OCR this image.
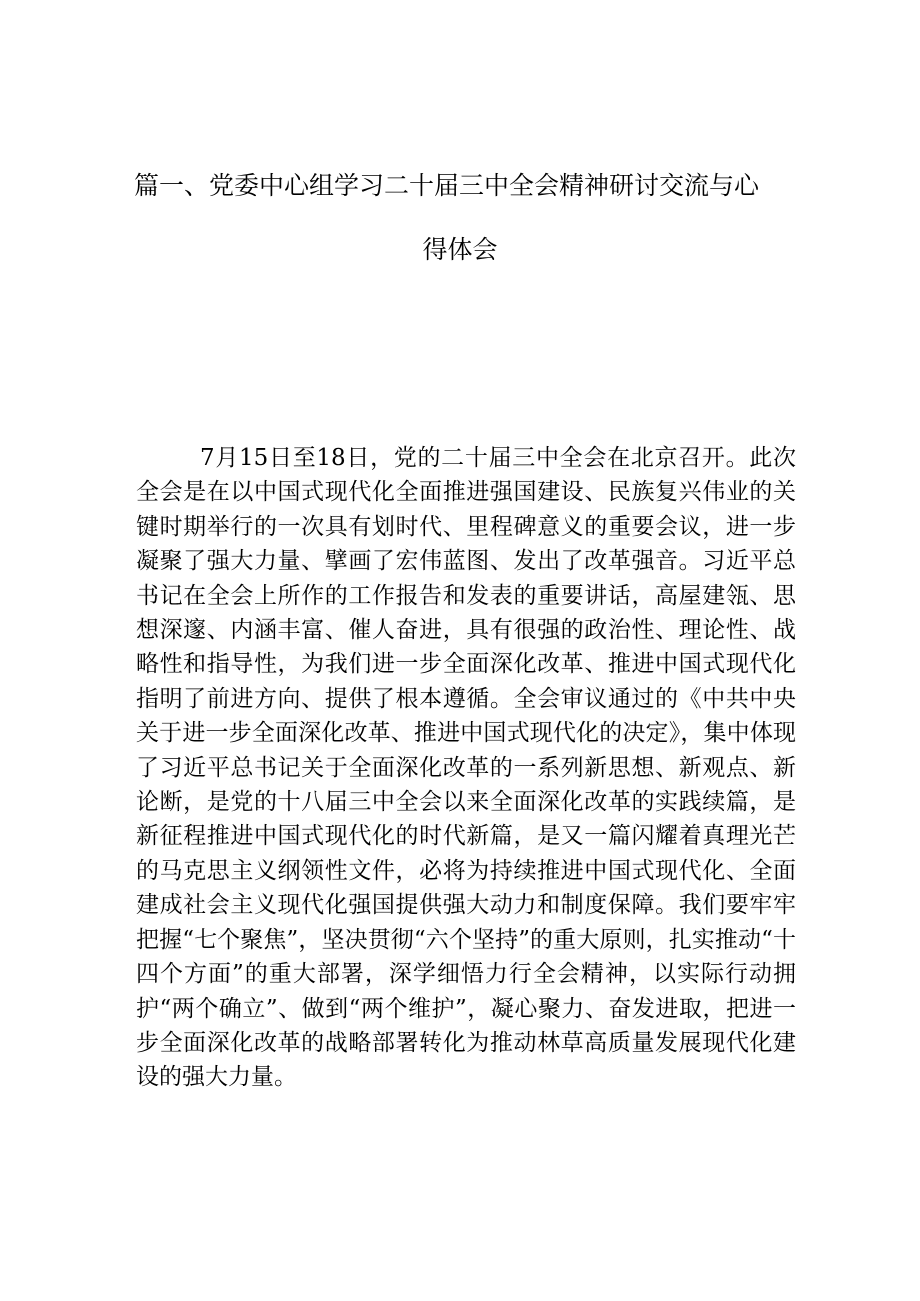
篇一、党委中心组学习二十届三中全会精神研讨交流与心
得体会

7月15日至18日，党的二十届三中全会在北京召开。此次全会是在以中国式现代化全面推进强国建设、民族复兴伟业的关键时期举行的一次具有划时代、里程碑意义的重要会议，进一步凝聚了强大力量、擘画了宏伟蓝图、发出了改革强音。习近平总书记在全会上所作的工作报告和发表的重要讲话，高屋建瓴、思想深邃、内涵丰富、催人奋进，具有很强的政治性、理论性、战略性和指导性，为我们进一步全面深化改革、推进中国式现代化指明了前进方向、提供了根本遵循。全会审议通过的《中共中央关于进一步全面深化改革、推进中国式现代化的决定》，集中体现了习近平总书记关于全面深化改革的一系列新思想、新观点、新论断，是党的十八届三中全会以来全面深化改革的实践续篇，是新征程推进中国式现代化的时代新篇，是又一篇闪耀着真理光芒的马克思主义纲领性文件，必将为持续推进中国式现代化、全面建成社会主义现代化强国提供强大动力和制度保障。我们要牢牢把握“七个聚焦”，坚决贯彻“六个坚持”的重大原则，扎实推动“十四个方面”的重大部署，深学细悟力行全会精神，以实际行动拥护“两个确立”、做到“两个维护”，凝心聚力、奋发进取，把进一步全面深化改革的战略部署转化为推动林草高质量发展现代化建设的强大力量。
